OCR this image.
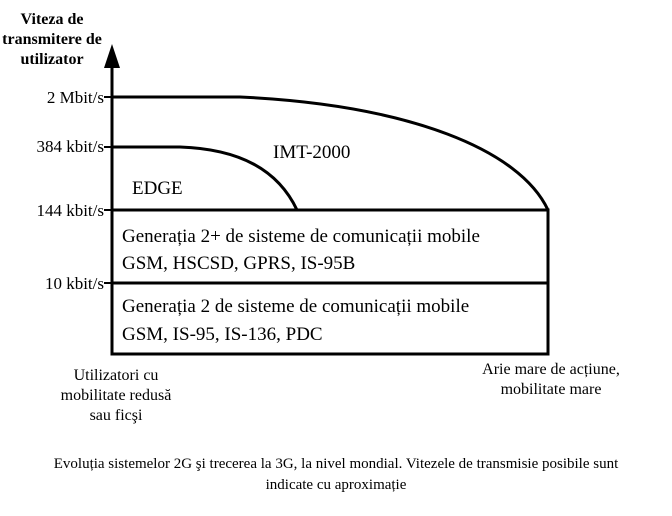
Viteza de transmitere de utilizator
2 Mbit/s
384 kbit/s
144 kbit/s
10 kbit/s
IMT-2000
EDGE
Generația 2+ de sisteme de comunicații mobile
GSM, HSCSD, GPRS, IS-95B
Generația 2 de sisteme de comunicații mobile
GSM, IS-95, IS-136, PDC
Utilizatori cu mobilitate redusă sau ficşi
Arie mare de acțiune, mobilitate mare
Evoluția sistemelor 2G şi trecerea la 3G, la nivel mondial. Vitezele de transmisie posibile sunt indicate cu aproximație
